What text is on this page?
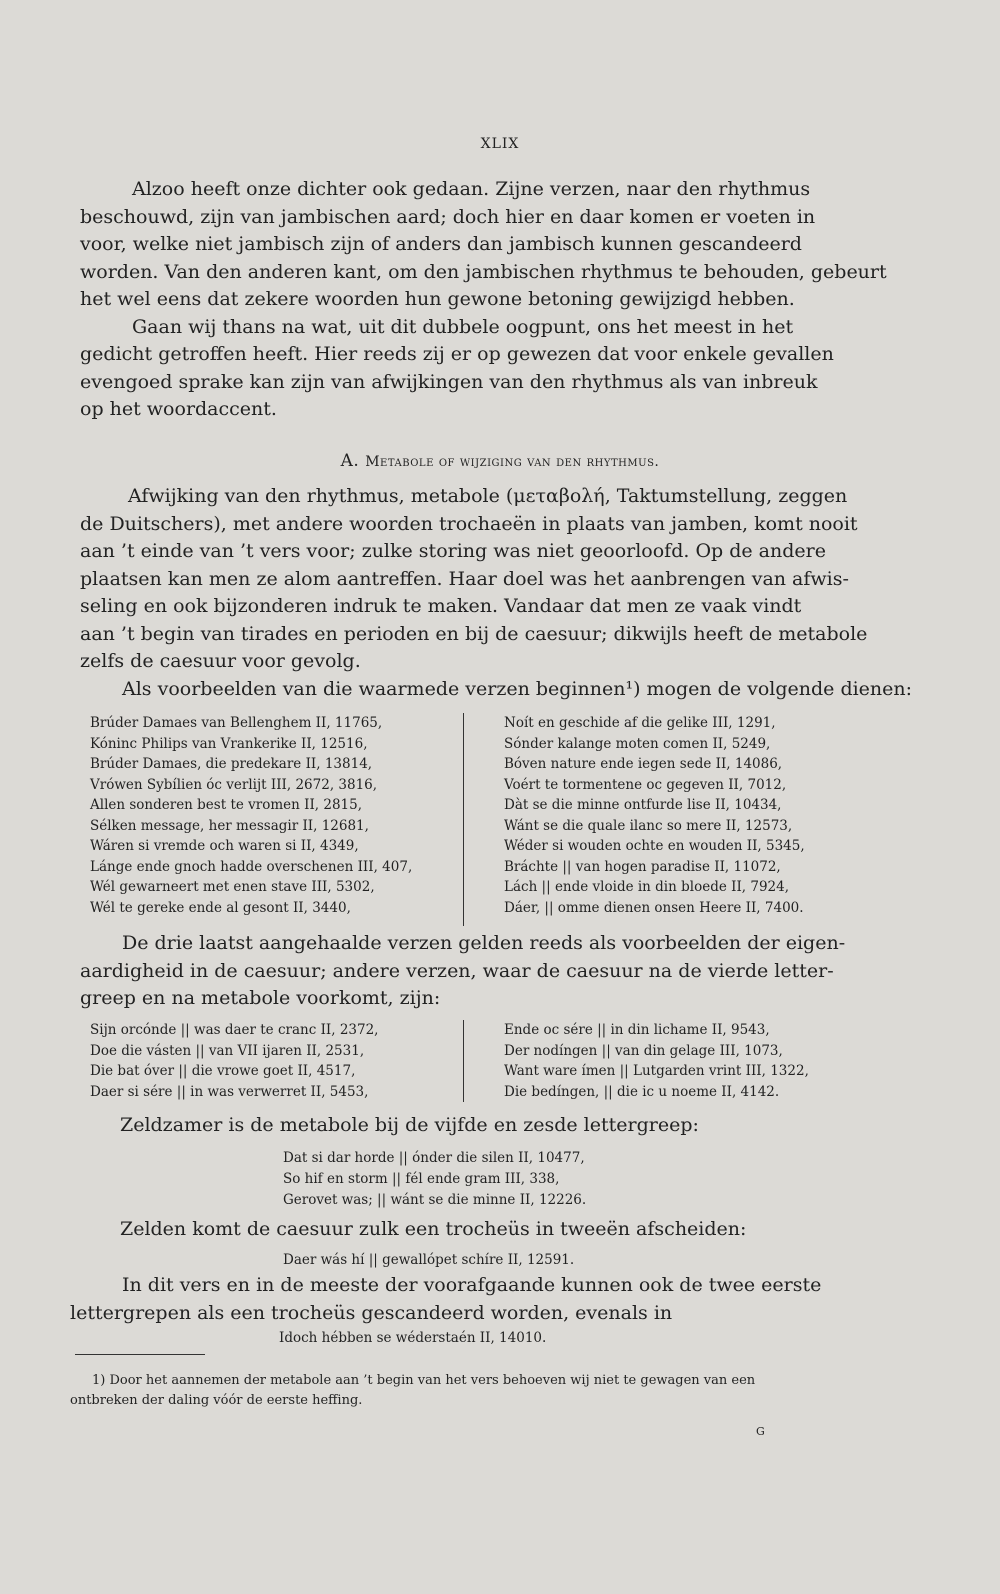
XLIX
Alzoo heeft onze dichter ook gedaan. Zijne verzen, naar den rhythmus
beschouwd, zijn van jambischen aard; doch hier en daar komen er voeten in
voor, welke niet jambisch zijn of anders dan jambisch kunnen gescandeerd
worden. Van den anderen kant, om den jambischen rhythmus te behouden, gebeurt
het wel eens dat zekere woorden hun gewone betoning gewijzigd hebben.
Gaan wij thans na wat, uit dit dubbele oogpunt, ons het meest in het
gedicht getroffen heeft. Hier reeds zij er op gewezen dat voor enkele gevallen
evengoed sprake kan zijn van afwijkingen van den rhythmus als van inbreuk
op het woordaccent.
A. Metabole of wijziging van den rhythmus.
Afwijking van den rhythmus, metabole (μεταβολή, Taktumstellung, zeggen
de Duitschers), met andere woorden trochaeën in plaats van jamben, komt nooit
aan ’t einde van ’t vers voor; zulke storing was niet geoorloofd. Op de andere
plaatsen kan men ze alom aantreffen. Haar doel was het aanbrengen van afwis-
seling en ook bijzonderen indruk te maken. Vandaar dat men ze vaak vindt
aan ’t begin van tirades en perioden en bij de caesuur; dikwijls heeft de metabole
zelfs de caesuur voor gevolg.
Als voorbeelden van die waarmede verzen beginnen¹) mogen de volgende dienen:
Brúder Damaes van Bellenghem II, 11765,
Kóninc Philips van Vrankerike II, 12516,
Brúder Damaes, die predekare II, 13814,
Vrówen Sybílien óc verlijt III, 2672, 3816,
Allen sonderen best te vromen II, 2815,
Sélken message, her messagir II, 12681,
Wáren si vremde och waren si II, 4349,
Lánge ende gnoch hadde overschenen III, 407,
Wél gewarneert met enen stave III, 5302,
Wél te gereke ende al gesont II, 3440,
Noít en geschide af die gelike III, 1291,
Sónder kalange moten comen II, 5249,
Bóven nature ende iegen sede II, 14086,
Voért te tormentene oc gegeven II, 7012,
Dàt se die minne ontfurde lise II, 10434,
Wánt se die quale ilanc so mere II, 12573,
Wéder si wouden ochte en wouden II, 5345,
Bráchte || van hogen paradise II, 11072,
Lách || ende vloide in din bloede II, 7924,
Dáer, || omme dienen onsen Heere II, 7400.
De drie laatst aangehaalde verzen gelden reeds als voorbeelden der eigen-
aardigheid in de caesuur; andere verzen, waar de caesuur na de vierde letter-
greep en na metabole voorkomt, zijn:
Sijn orcónde || was daer te cranc II, 2372,
Doe die vásten || van VII ijaren II, 2531,
Die bat óver || die vrowe goet II, 4517,
Daer si sére || in was verwerret II, 5453,
Ende oc sére || in din lichame II, 9543,
Der nodíngen || van din gelage III, 1073,
Want ware ímen || Lutgarden vrint III, 1322,
Die bedíngen, || die ic u noeme II, 4142.
Zeldzamer is de metabole bij de vijfde en zesde lettergreep:
Dat si dar horde || ónder die silen II, 10477,
So hif en storm || fél ende gram III, 338,
Gerovet was; || wánt se die minne II, 12226.
Zelden komt de caesuur zulk een trocheüs in tweeën afscheiden:
Daer wás hí || gewallópet schíre II, 12591.
In dit vers en in de meeste der voorafgaande kunnen ook de twee eerste
lettergrepen als een trocheüs gescandeerd worden, evenals in
Idoch hébben se wéderstaén II, 14010.
1) Door het aannemen der metabole aan ’t begin van het vers behoeven wij niet te gewagen van een
ontbreken der daling vóór de eerste heffing.
G
